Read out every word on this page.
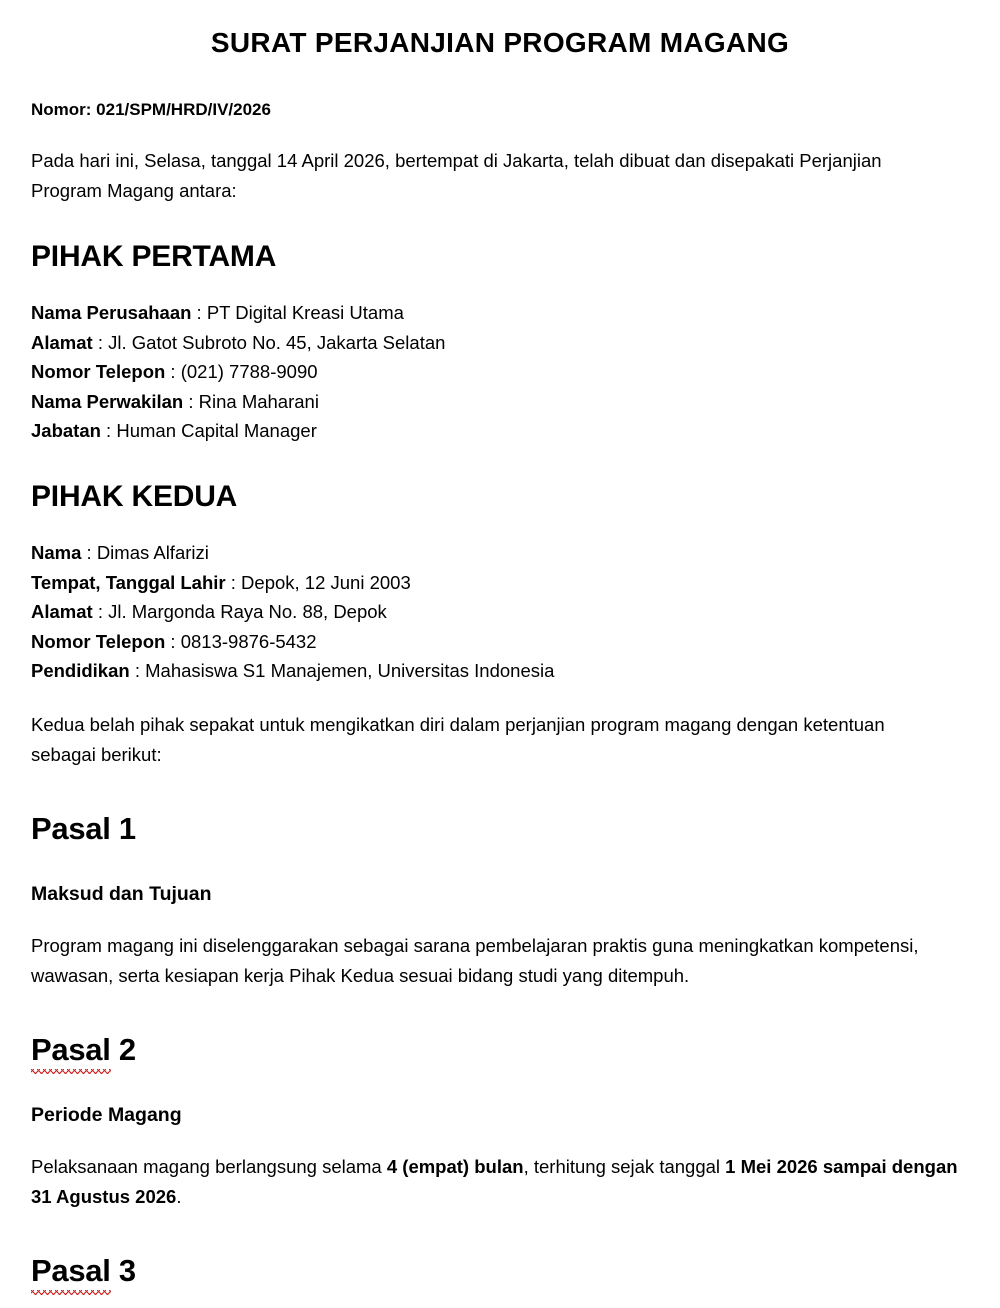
SURAT PERJANJIAN PROGRAM MAGANG

Nomor: 021/SPM/HRD/IV/2026

Pada hari ini, Selasa, tanggal 14 April 2026, bertempat di Jakarta, telah dibuat dan disepakati Perjanjian Program Magang antara:

PIHAK PERTAMA
Nama Perusahaan : PT Digital Kreasi Utama
Alamat : Jl. Gatot Subroto No. 45, Jakarta Selatan
Nomor Telepon : (021) 7788-9090
Nama Perwakilan : Rina Maharani
Jabatan : Human Capital Manager
PIHAK KEDUA
Nama : Dimas Alfarizi
Tempat, Tanggal Lahir : Depok, 12 Juni 2003
Alamat : Jl. Margonda Raya No. 88, Depok
Nomor Telepon : 0813-9876-5432
Pendidikan : Mahasiswa S1 Manajemen, Universitas Indonesia

Kedua belah pihak sepakat untuk mengikatkan diri dalam perjanjian program magang dengan ketentuan sebagai berikut:

Pasal 1
Maksud dan Tujuan

Program magang ini diselenggarakan sebagai sarana pembelajaran praktis guna meningkatkan kompetensi, wawasan, serta kesiapan kerja Pihak Kedua sesuai bidang studi yang ditempuh.

Pasal 2
Periode Magang

Pelaksanaan magang berlangsung selama 4 (empat) bulan, terhitung sejak tanggal 1 Mei 2026 sampai dengan 31 Agustus 2026.

Pasal 3
